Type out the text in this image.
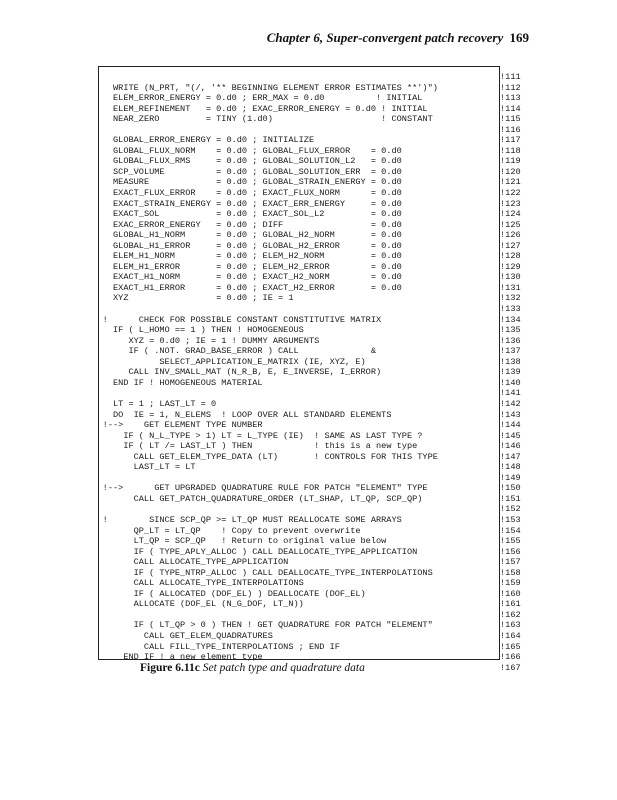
Chapter 6, Super-convergent patch recovery 169
!111
WRITE (N_PRT, "(/, '** BEGINNING ELEMENT ERROR ESTIMATES **')")	!112
ELEM_ERROR_ENERGY = 0.d0 ; ERR_MAX = 0.d0          ! INITIAL	!113
ELEM_REFINEMENT   = 0.d0 ; EXAC_ERROR_ENERGY = 0.d0 ! INITIAL	!114
NEAR_ZERO         = TINY (1.d0)                     ! CONSTANT	!115
!116
GLOBAL_ERROR_ENERGY = 0.d0 ; INITIALIZE	!117
GLOBAL_FLUX_NORM    = 0.d0 ; GLOBAL_FLUX_ERROR    = 0.d0	!118
GLOBAL_FLUX_RMS     = 0.d0 ; GLOBAL_SOLUTION_L2   = 0.d0	!119
SCP_VOLUME          = 0.d0 ; GLOBAL_SOLUTION_ERR  = 0.d0	!120
MEASURE             = 0.d0 ; GLOBAL_STRAIN_ENERGY = 0.d0	!121
EXACT_FLUX_ERROR    = 0.d0 ; EXACT_FLUX_NORM      = 0.d0	!122
EXACT_STRAIN_ENERGY = 0.d0 ; EXACT_ERR_ENERGY     = 0.d0	!123
EXACT_SOL           = 0.d0 ; EXACT_SOL_L2         = 0.d0	!124
EXAC_ERROR_ENERGY   = 0.d0 ; DIFF                 = 0.d0	!125
GLOBAL_H1_NORM      = 0.d0 ; GLOBAL_H2_NORM       = 0.d0	!126
GLOBAL_H1_ERROR     = 0.d0 ; GLOBAL_H2_ERROR      = 0.d0	!127
ELEM_H1_NORM        = 0.d0 ; ELEM_H2_NORM         = 0.d0	!128
ELEM_H1_ERROR       = 0.d0 ; ELEM_H2_ERROR        = 0.d0	!129
EXACT_H1_NORM       = 0.d0 ; EXACT_H2_NORM        = 0.d0	!130
EXACT_H1_ERROR      = 0.d0 ; EXACT_H2_ERROR       = 0.d0	!131
XYZ                 = 0.d0 ; IE = 1	!132
!133
!      CHECK FOR POSSIBLE CONSTANT CONSTITUTIVE MATRIX	!134
IF ( L_HOMO == 1 ) THEN ! HOMOGENEOUS	!135
XYZ = 0.d0 ; IE = 1 ! DUMMY ARGUMENTS	!136
IF ( .NOT. GRAD_BASE_ERROR ) CALL              &	!137
SELECT_APPLICATION_E_MATRIX (IE, XYZ, E)	!138
CALL INV_SMALL_MAT (N_R_B, E, E_INVERSE, I_ERROR)	!139
END IF ! HOMOGENEOUS MATERIAL	!140
!141
LT = 1 ; LAST_LT = 0	!142
DO  IE = 1, N_ELEMS  ! LOOP OVER ALL STANDARD ELEMENTS	!143
!-->    GET ELEMENT TYPE NUMBER	!144
IF ( N_L_TYPE > 1) LT = L_TYPE (IE)  ! SAME AS LAST TYPE ?	!145
IF ( LT /= LAST_LT ) THEN            ! this is a new type	!146
CALL GET_ELEM_TYPE_DATA (LT)       ! CONTROLS FOR THIS TYPE	!147
LAST_LT = LT	!148
!149
!-->      GET UPGRADED QUADRATURE RULE FOR PATCH "ELEMENT" TYPE	!150
CALL GET_PATCH_QUADRATURE_ORDER (LT_SHAP, LT_QP, SCP_QP)	!151
!152
!        SINCE SCP_QP >= LT_QP MUST REALLOCATE SOME ARRAYS	!153
QP_LT = LT_QP    ! Copy to prevent overwrite	!154
LT_QP = SCP_QP   ! Return to original value below	!155
IF ( TYPE_APLY_ALLOC ) CALL DEALLOCATE_TYPE_APPLICATION	!156
CALL ALLOCATE_TYPE_APPLICATION	!157
IF ( TYPE_NTRP_ALLOC ) CALL DEALLOCATE_TYPE_INTERPOLATIONS	!158
CALL ALLOCATE_TYPE_INTERPOLATIONS	!159
IF ( ALLOCATED (DOF_EL) ) DEALLOCATE (DOF_EL)	!160
ALLOCATE (DOF_EL (N_G_DOF, LT_N))	!161
!162
IF ( LT_QP > 0 ) THEN ! GET QUADRATURE FOR PATCH "ELEMENT"	!163
CALL GET_ELEM_QUADRATURES	!164
CALL FILL_TYPE_INTERPOLATIONS ; END IF	!165
END IF ! a new element type	!166
!167
Figure 6.11c Set patch type and quadrature data
